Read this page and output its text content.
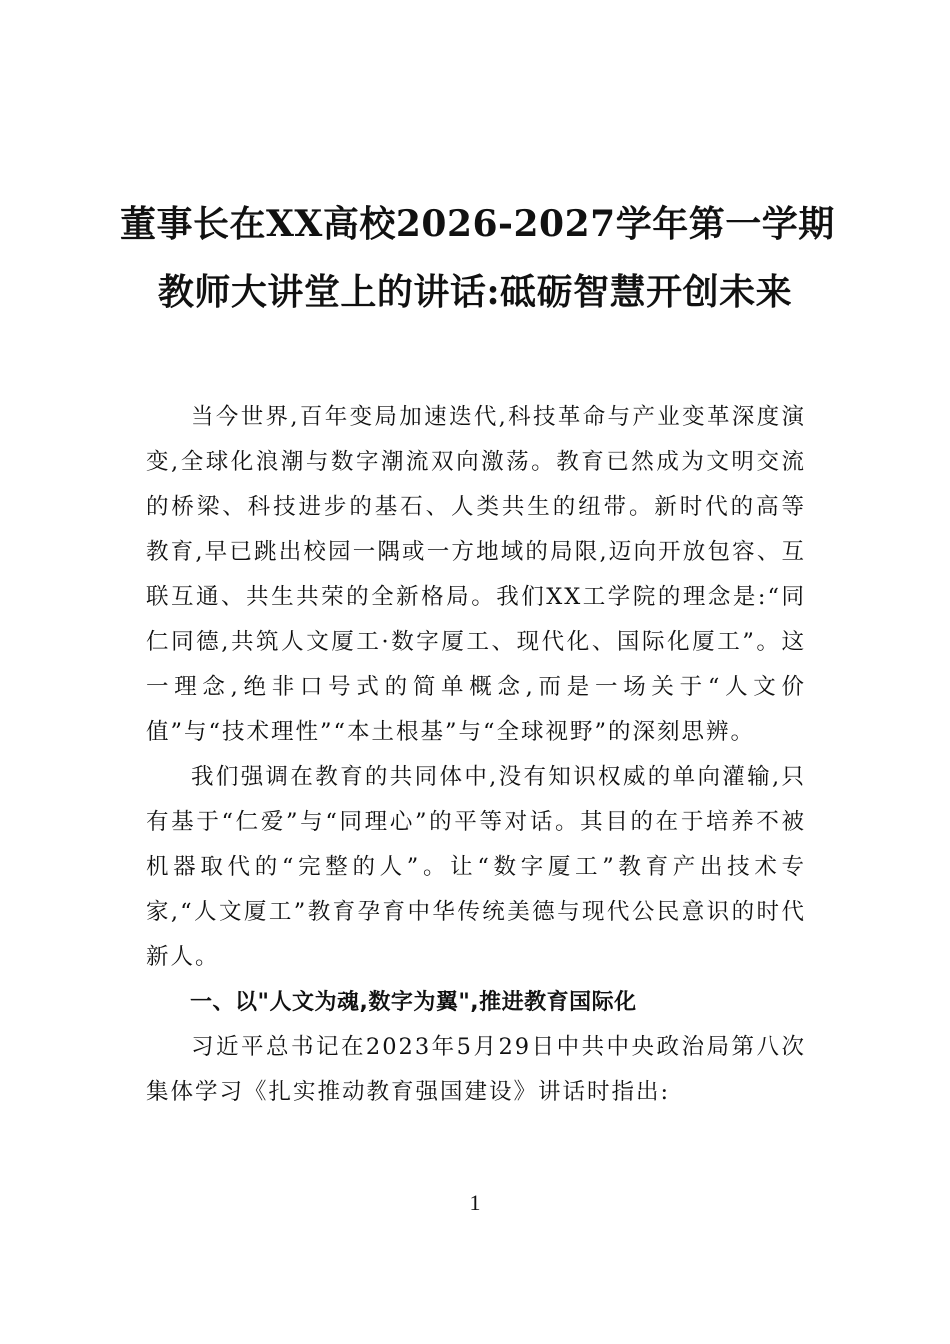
董事长在XX高校2026-2027学年第一学期
教师大讲堂上的讲话:砥砺智慧开创未来

当今世界,百年变局加速迭代,科技革命与产业变革深度演变,全球化浪潮与数字潮流双向激荡。教育已然成为文明交流的桥梁、科技进步的基石、人类共生的纽带。新时代的高等教育,早已跳出校园一隅或一方地域的局限,迈向开放包容、互联互通、共生共荣的全新格局。我们XX工学院的理念是:“同仁同德,共筑人文厦工·数字厦工、现代化、国际化厦工”。这一理念,绝非口号式的简单概念,而是一场关于“人文价值”与“技术理性”“本土根基”与“全球视野”的深刻思辨。

我们强调在教育的共同体中,没有知识权威的单向灌输,只有基于“仁爱”与“同理心”的平等对话。其目的在于培养不被机器取代的“完整的人”。让“数字厦工”教育产出技术专家,“人文厦工”教育孕育中华传统美德与现代公民意识的时代新人。

一、以"人文为魂,数字为翼",推进教育国际化

习近平总书记在2023年5月29日中共中央政治局第八次集体学习《扎实推动教育强国建设》讲话时指出:

1
